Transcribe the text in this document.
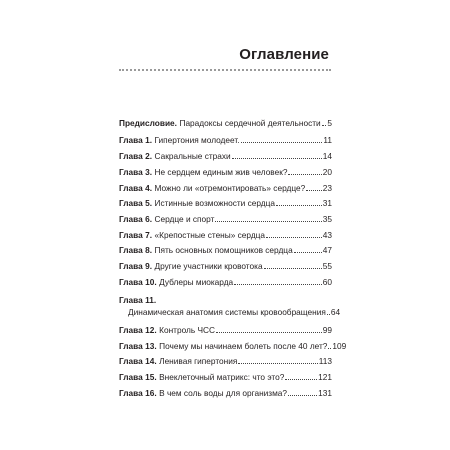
Оглавление
Предисловие. Парадоксы сердечной деятельности 5
Глава 1. Гипертония молодеет.	11
Глава 2. Сакральные страхи	14
Глава 3. Не сердцем единым жив человек?	20
Глава 4. Можно ли «отремонтировать» сердце? 23
Глава 5. Истинные возможности сердца	31
Глава 6. Сердце и спорт	35
Глава 7. «Крепостные стены» сердца	43
Глава 8. Пять основных помощников сердца	47
Глава 9. Другие участники кровотока	55
Глава 10. Дублеры миокарда	60
Глава 11.
Динамическая анатомия системы кровообращения 64
Глава 12. Контроль ЧСС	99
Глава 13. Почему мы начинаем болеть после 40 лет? 109
Глава 14. Ленивая гипертония	113
Глава 15. Внеклеточный матрикс: что это?	121
Глава 16. В чем соль воды для организма?	131
